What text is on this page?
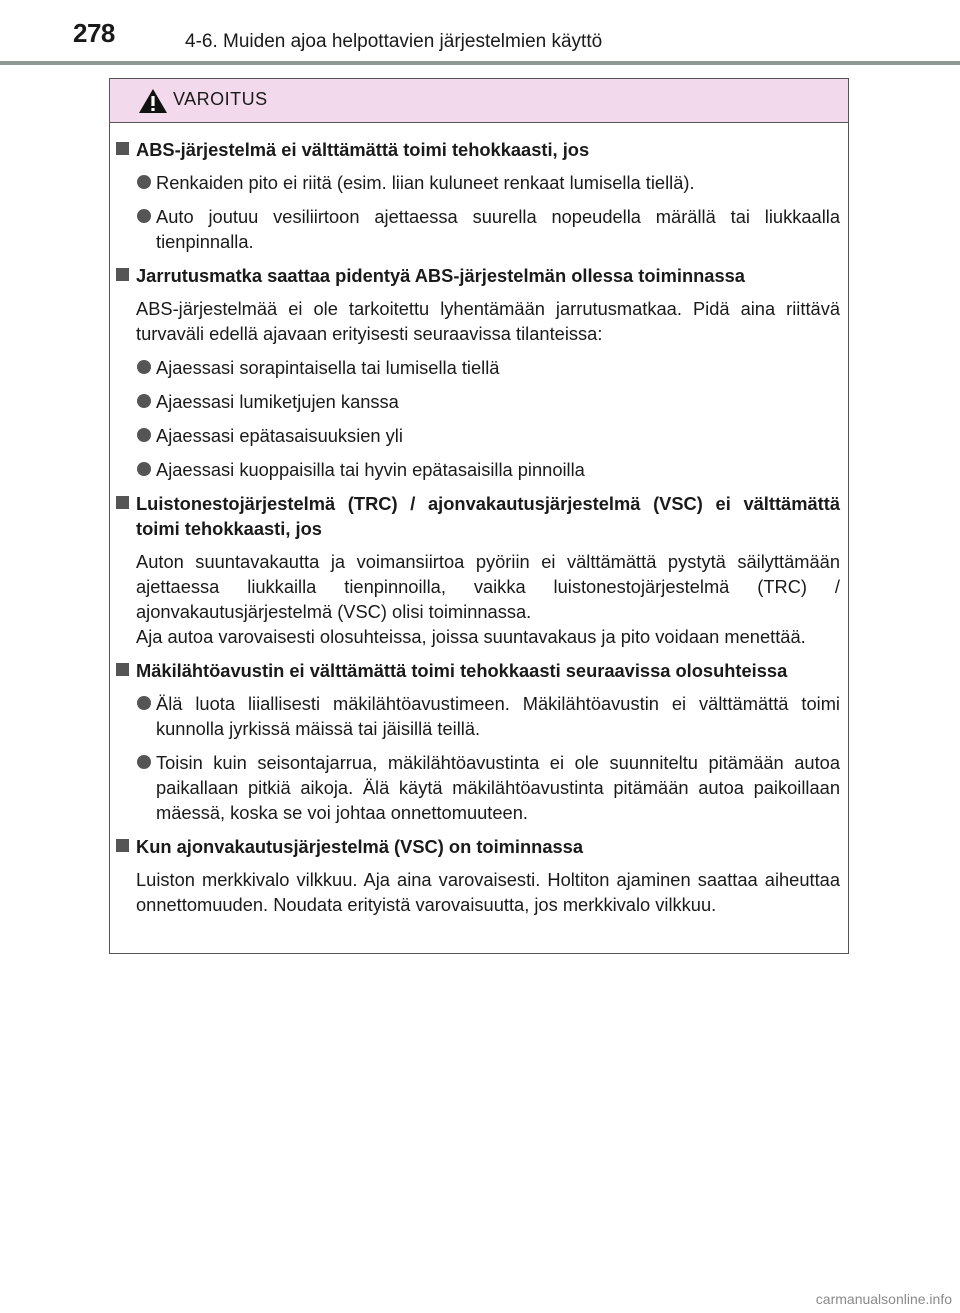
278	4-6. Muiden ajoa helpottavien järjestelmien käyttö
VAROITUS
ABS-järjestelmä ei välttämättä toimi tehokkaasti, jos
Renkaiden pito ei riitä (esim. liian kuluneet renkaat lumisella tiellä).
Auto joutuu vesiliirtoon ajettaessa suurella nopeudella märällä tai liukkaalla tienpinnalla.
Jarrutusmatka saattaa pidentyä ABS-järjestelmän ollessa toiminnassa
ABS-järjestelmää ei ole tarkoitettu lyhentämään jarrutusmatkaa. Pidä aina riittävä turvaväli edellä ajavaan erityisesti seuraavissa tilanteissa:
Ajaessasi sorapintaisella tai lumisella tiellä
Ajaessasi lumiketjujen kanssa
Ajaessasi epätasaisuuksien yli
Ajaessasi kuoppaisilla tai hyvin epätasaisilla pinnoilla
Luistonestojärjestelmä (TRC) / ajonvakautusjärjestelmä (VSC) ei välttämättä toimi tehokkaasti, jos
Auton suuntavakautta ja voimansiirtoa pyöriin ei välttämättä pystytä säilyttämään ajettaessa liukkailla tienpinnoilla, vaikka luistonestojärjestelmä (TRC) / ajonvakautusjärjestelmä (VSC) olisi toiminnassa.
Aja autoa varovaisesti olosuhteissa, joissa suuntavakaus ja pito voidaan menettää.
Mäkilähtöavustin ei välttämättä toimi tehokkaasti seuraavissa olosuhteissa
Älä luota liiallisesti mäkilähtöavustimeen. Mäkilähtöavustin ei välttämättä toimi kunnolla jyrkissä mäissä tai jäisillä teillä.
Toisin kuin seisontajarrua, mäkilähtöavustinta ei ole suunniteltu pitämään autoa paikallaan pitkiä aikoja. Älä käytä mäkilähtöavustinta pitämään autoa paikoillaan mäessä, koska se voi johtaa onnettomuuteen.
Kun ajonvakautusjärjestelmä (VSC) on toiminnassa
Luiston merkkivalo vilkkuu. Aja aina varovaisesti. Holtiton ajaminen saattaa aiheuttaa onnettomuuden. Noudata erityistä varovaisuutta, jos merkkivalo vilkkuu.
carmanualsonline.info
